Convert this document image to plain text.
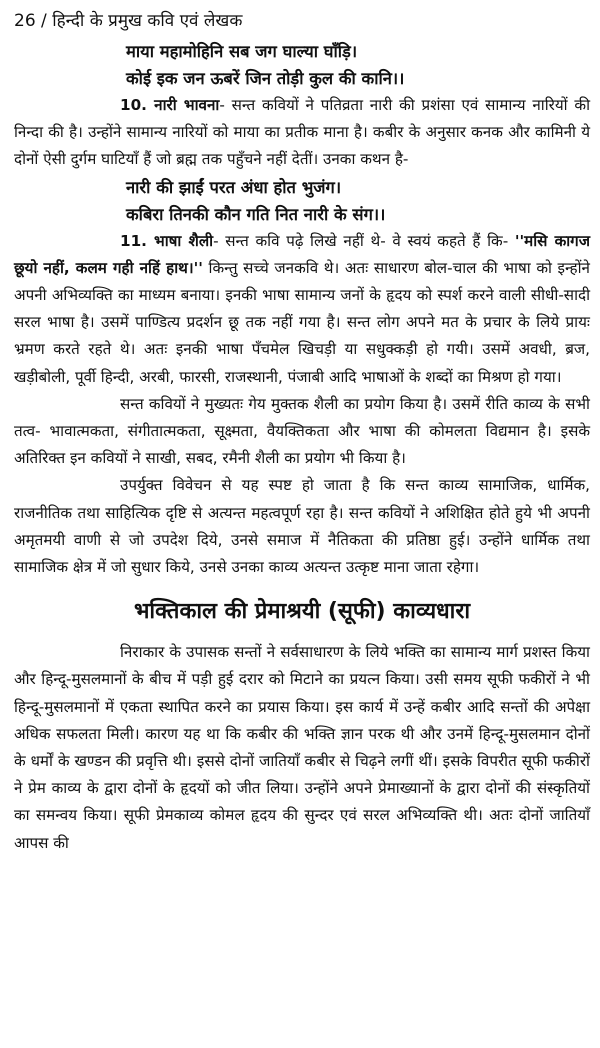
26 / हिन्दी के प्रमुख कवि एवं लेखक
माया महामोहिनि सब जग घाल्या घाँड़ि।
कोई इक जन ऊबरें जिन तोड़ी कुल की कानि।।

10. नारी भावना- सन्त कवियों ने पतिव्रता नारी की प्रशंसा एवं सामान्य नारियों की निन्दा की है। उन्होंने सामान्य नारियों को माया का प्रतीक माना है। कबीर के अनुसार कनक और कामिनी ये दोनों ऐसी दुर्गम घाटियाँ हैं जो ब्रह्म तक पहुँचने नहीं देतीं। उनका कथन है-

नारी की झाईं परत अंधा होत भुजंग।
कबिरा तिनकी कौन गति नित नारी के संग।।

11. भाषा शैली- सन्त कवि पढ़े लिखे नहीं थे- वे स्वयं कहते हैं कि- ''मसि कागज छूयो नहीं, कलम गही नहिं हाथ।'' किन्तु सच्चे जनकवि थे। अतः साधारण बोल-चाल की भाषा को इन्होंने अपनी अभिव्यक्ति का माध्यम बनाया। इनकी भाषा सामान्य जनों के हृदय को स्पर्श करने वाली सीधी-सादी सरल भाषा है। उसमें पाण्डित्य प्रदर्शन छू तक नहीं गया है। सन्त लोग अपने मत के प्रचार के लिये प्रायः भ्रमण करते रहते थे। अतः इनकी भाषा पँचमेल खिचड़ी या सधुक्कड़ी हो गयी। उसमें अवधी, ब्रज, खड़ीबोली, पूर्वी हिन्दी, अरबी, फारसी, राजस्थानी, पंजाबी आदि भाषाओं के शब्दों का मिश्रण हो गया।

सन्त कवियों ने मुख्यतः गेय मुक्तक शैली का प्रयोग किया है। उसमें रीति काव्य के सभी तत्व- भावात्मकता, संगीतात्मकता, सूक्ष्मता, वैयक्तिकता और भाषा की कोमलता विद्यमान है। इसके अतिरिक्त इन कवियों ने साखी, सबद, रमैनी शैली का प्रयोग भी किया है।

उपर्युक्त विवेचन से यह स्पष्ट हो जाता है कि सन्त काव्य सामाजिक, धार्मिक, राजनीतिक तथा साहित्यिक दृष्टि से अत्यन्त महत्वपूर्ण रहा है। सन्त कवियों ने अशिक्षित होते हुये भी अपनी अमृतमयी वाणी से जो उपदेश दिये, उनसे समाज में नैतिकता की प्रतिष्ठा हुई। उन्होंने धार्मिक तथा सामाजिक क्षेत्र में जो सुधार किये, उनसे उनका काव्य अत्यन्त उत्कृष्ट माना जाता रहेगा।

भक्तिकाल की प्रेमाश्रयी (सूफी) काव्यधारा

निराकार के उपासक सन्तों ने सर्वसाधारण के लिये भक्ति का सामान्य मार्ग प्रशस्त किया और हिन्दू-मुसलमानों के बीच में पड़ी हुई दरार को मिटाने का प्रयत्न किया। उसी समय सूफी फकीरों ने भी हिन्दू-मुसलमानों में एकता स्थापित करने का प्रयास किया। इस कार्य में उन्हें कबीर आदि सन्तों की अपेक्षा अधिक सफलता मिली। कारण यह था कि कबीर की भक्ति ज्ञान परक थी और उनमें हिन्दू-मुसलमान दोनों के धर्मों के खण्डन की प्रवृत्ति थी। इससे दोनों जातियाँ कबीर से चिढ़ने लगीं थीं। इसके विपरीत सूफी फकीरों ने प्रेम काव्य के द्वारा दोनों के हृदयों को जीत लिया। उन्होंने अपने प्रेमाख्यानों के द्वारा दोनों की संस्कृतियों का समन्वय किया। सूफी प्रेमकाव्य कोमल हृदय की सुन्दर एवं सरल अभिव्यक्ति थी। अतः दोनों जातियाँ आपस की
